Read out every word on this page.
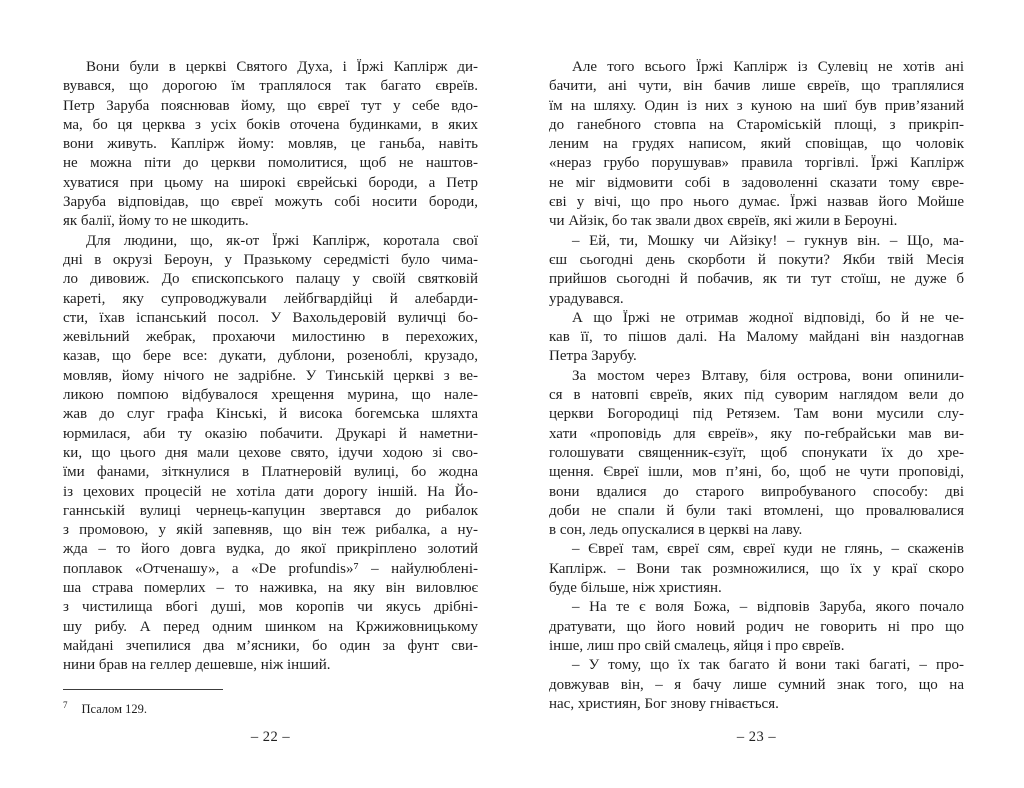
Вони були в церкві Святого Духа, і Їржі Каплірж ди-
вувався, що дорогою їм траплялося так багато євреїв.
Петр Заруба пояснював йому, що євреї тут у себе вдо-
ма, бо ця церква з усіх боків оточена будинками, в яких
вони живуть. Каплірж йому: мовляв, це ганьба, навіть
не можна піти до церкви помолитися, щоб не наштов-
хуватися при цьому на широкі єврейські бороди, а Петр
Заруба відповідав, що євреї можуть собі носити бороди,
як балії, йому то не шкодить.
Для людини, що, як-от Їржі Каплірж, коротала свої
дні в окрузі Бероун, у Празькому середмісті було чима-
ло дивовиж. До єпископського палацу у своїй святковій
кареті, яку супроводжували лейбгвардійці й алебарди-
сти, їхав іспанський посол. У Вахольдеровій вуличці бо-
жевільний жебрак, прохаючи милостиню в перехожих,
казав, що бере все: дукати, дублони, розеноблі, крузадо,
мовляв, йому нічого не задрібне. У Тинській церкві з ве-
ликою помпою відбувалося хрещення мурина, що нале-
жав до слуг графа Кінські, й висока богемська шляхта
юрмилася, аби ту оказію побачити. Друкарі й наметни-
ки, що цього дня мали цехове свято, ідучи ходою зі сво-
їми фанами, зіткнулися в Платнеровій вулиці, бо жодна
із цехових процесій не хотіла дати дорогу іншій. На Йо-
ганнській вулиці чернець-капуцин звертався до рибалок
з промовою, у якій запевняв, що він теж рибалка, а ну-
жда – то його довга вудка, до якої прикріплено золотий
поплавок «Отченашу», а «De profundis»⁷ – найулюблені-
ша страва померлих – то наживка, на яку він виловлює
з чистилища вбогі душі, мов коропів чи якусь дрібні-
шу рибу. А перед одним шинком на Кржижовницькому
майдані зчепилися два м’ясники, бо один за фунт сви-
нини брав на геллер дешевше, ніж інший.
7 Псалом 129.
– 22 –
Але того всього Їржі Каплірж із Сулевіц не хотів ані
бачити, ані чути, він бачив лише євреїв, що траплялися
їм на шляху. Один із них з куною на шиї був прив’язаний
до ганебного стовпа на Староміській площі, з прикріп-
леним на грудях написом, який сповіщав, що чоловік
«нераз грубо порушував» правила торгівлі. Їржі Каплірж
не міг відмовити собі в задоволенні сказати тому євре-
єві у вічі, що про нього думає. Їржі назвав його Мойше
чи Айзік, бо так звали двох євреїв, які жили в Бероуні.
– Ей, ти, Мошку чи Айзіку! – гукнув він. – Що, ма-
єш сьогодні день скорботи й покути? Якби твій Месія
прийшов сьогодні й побачив, як ти тут стоїш, не дуже б
урадувався.
А що Їржі не отримав жодної відповіді, бо й не че-
кав її, то пішов далі. На Малому майдані він наздогнав
Петра Зарубу.
За мостом через Влтаву, біля острова, вони опинили-
ся в натовпі євреїв, яких під суворим наглядом вели до
церкви Богородиці під Ретязем. Там вони мусили слу-
хати «проповідь для євреїв», яку по-гебрайськи мав ви-
голошувати священник-єзуїт, щоб спонукати їх до хре-
щення. Євреї ішли, мов п’яні, бо, щоб не чути проповіді,
вони вдалися до старого випробуваного способу: дві
доби не спали й були такі втомлені, що провалювалися
в сон, ледь опускалися в церкві на лаву.
– Євреї там, євреї сям, євреї куди не глянь, – скаженів
Каплірж. – Вони так розмножилися, що їх у краї скоро
буде більше, ніж християн.
– На те є воля Божа, – відповів Заруба, якого почало
дратувати, що його новий родич не говорить ні про що
інше, лиш про свій смалець, яйця і про євреїв.
– У тому, що їх так багато й вони такі багаті, – про-
довжував він, – я бачу лише сумний знак того, що на
нас, християн, Бог знову гнівається.
– 23 –
